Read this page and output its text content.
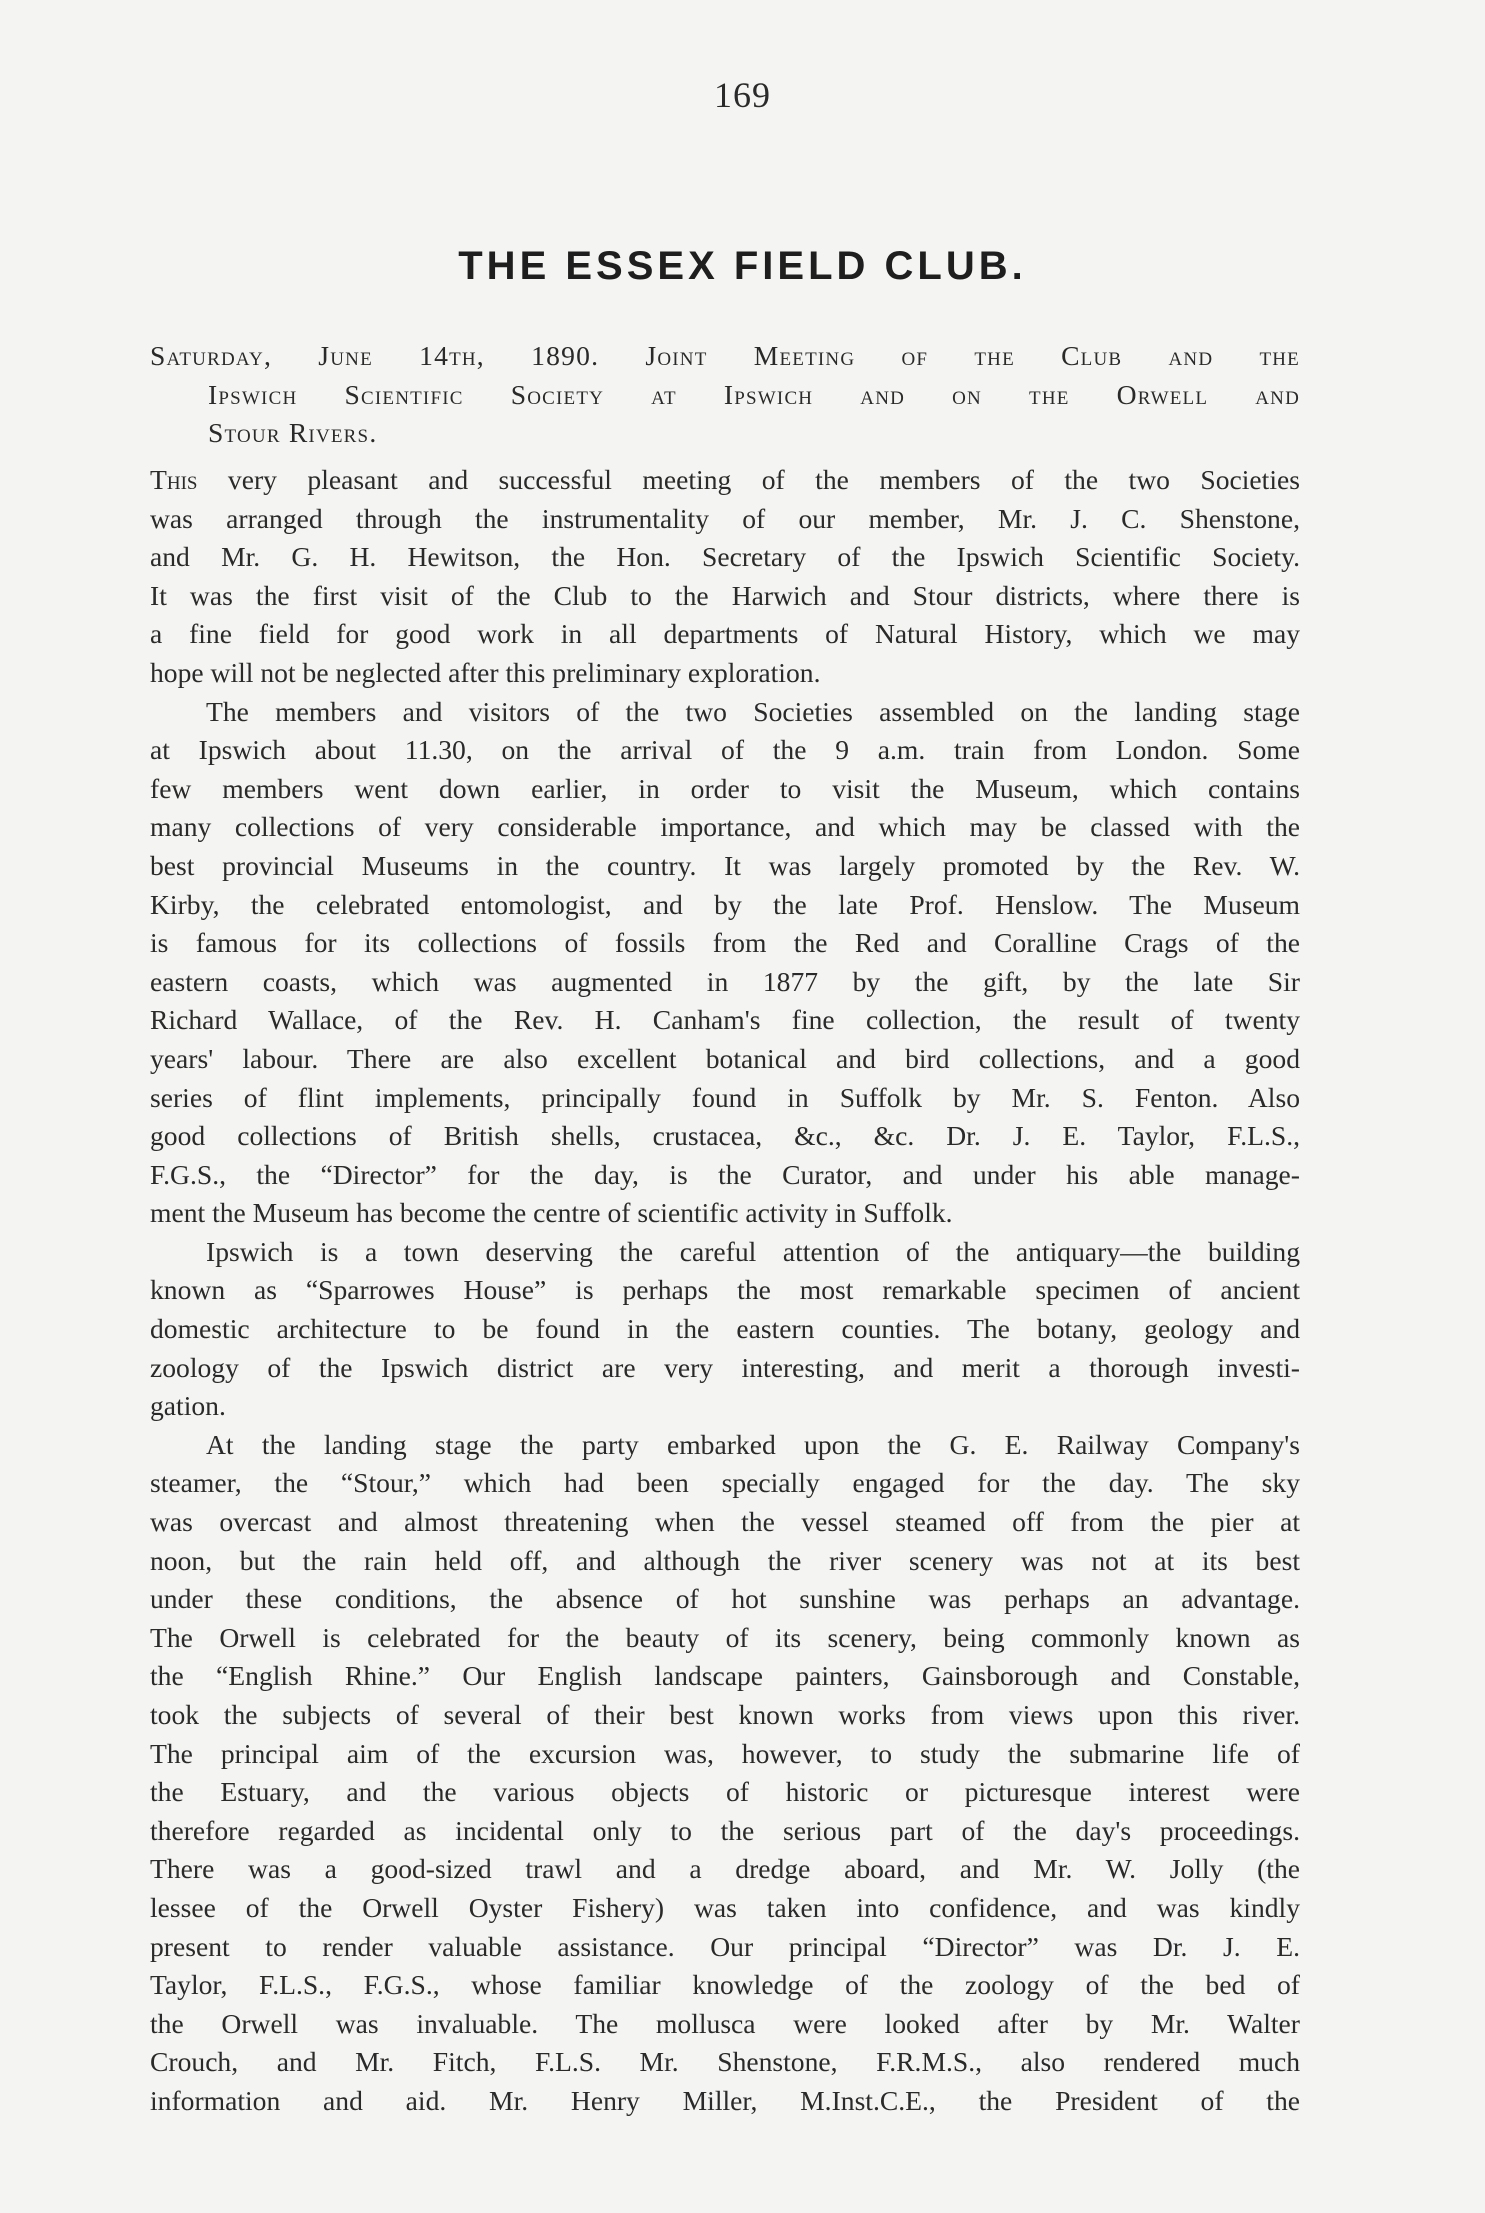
169
THE ESSEX FIELD CLUB.

Saturday, June 14th, 1890. Joint Meeting of the Club and the

Ipswich Scientific Society at Ipswich and on the Orwell and

Stour Rivers.

This very pleasant and successful meeting of the members of the two Societies

was arranged through the instrumentality of our member, Mr. J. C. Shenstone,

and Mr. G. H. Hewitson, the Hon. Secretary of the Ipswich Scientific Society.

It was the first visit of the Club to the Harwich and Stour districts, where there is

a fine field for good work in all departments of Natural History, which we may

hope will not be neglected after this preliminary exploration.

The members and visitors of the two Societies assembled on the landing stage

at Ipswich about 11.30, on the arrival of the 9 a.m. train from London. Some

few members went down earlier, in order to visit the Museum, which contains

many collections of very considerable importance, and which may be classed with the

best provincial Museums in the country. It was largely promoted by the Rev. W.

Kirby, the celebrated entomologist, and by the late Prof. Henslow. The Museum

is famous for its collections of fossils from the Red and Coralline Crags of the

eastern coasts, which was augmented in 1877 by the gift, by the late Sir

Richard Wallace, of the Rev. H. Canham's fine collection, the result of twenty

years' labour. There are also excellent botanical and bird collections, and a good

series of flint implements, principally found in Suffolk by Mr. S. Fenton. Also

good collections of British shells, crustacea, &c., &c. Dr. J. E. Taylor, F.L.S.,

F.G.S., the “Director” for the day, is the Curator, and under his able manage-

ment the Museum has become the centre of scientific activity in Suffolk.

Ipswich is a town deserving the careful attention of the antiquary—the building

known as “Sparrowes House” is perhaps the most remarkable specimen of ancient

domestic architecture to be found in the eastern counties. The botany, geology and

zoology of the Ipswich district are very interesting, and merit a thorough investi-

gation.

At the landing stage the party embarked upon the G. E. Railway Company's

steamer, the “Stour,” which had been specially engaged for the day. The sky

was overcast and almost threatening when the vessel steamed off from the pier at

noon, but the rain held off, and although the river scenery was not at its best

under these conditions, the absence of hot sunshine was perhaps an advantage.

The Orwell is celebrated for the beauty of its scenery, being commonly known as

the “English Rhine.” Our English landscape painters, Gainsborough and Constable,

took the subjects of several of their best known works from views upon this river.

The principal aim of the excursion was, however, to study the submarine life of

the Estuary, and the various objects of historic or picturesque interest were

therefore regarded as incidental only to the serious part of the day's proceedings.

There was a good-sized trawl and a dredge aboard, and Mr. W. Jolly (the

lessee of the Orwell Oyster Fishery) was taken into confidence, and was kindly

present to render valuable assistance. Our principal “Director” was Dr. J. E.

Taylor, F.L.S., F.G.S., whose familiar knowledge of the zoology of the bed of

the Orwell was invaluable. The mollusca were looked after by Mr. Walter

Crouch, and Mr. Fitch, F.L.S. Mr. Shenstone, F.R.M.S., also rendered much

information and aid. Mr. Henry Miller, M.Inst.C.E., the President of the
